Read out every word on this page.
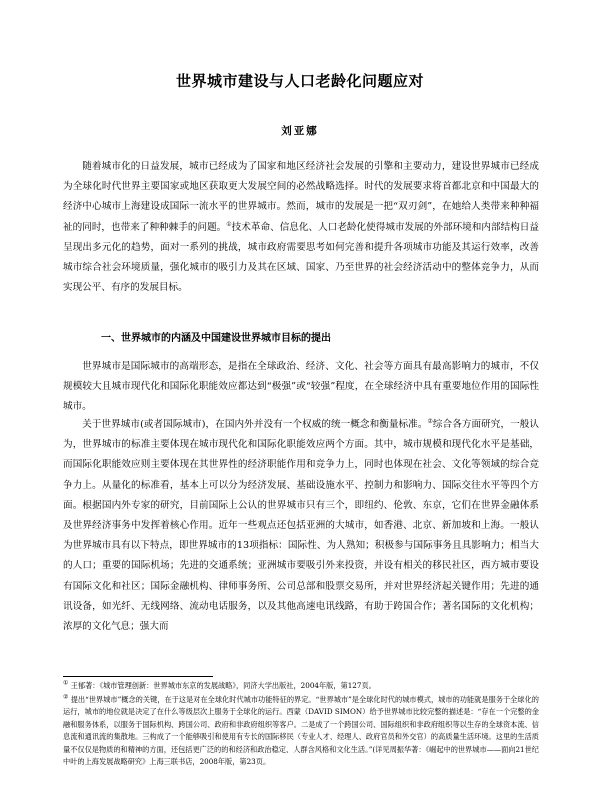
世界城市建设与人口老龄化问题应对
刘亚娜

随着城市化的日益发展，城市已经成为了国家和地区经济社会发展的引擎和主要动力，建设世界城市已经成为全球化时代世界主要国家或地区获取更大发展空间的必然战略选择。时代的发展要求将首都北京和中国最大的经济中心城市上海建设成国际一流水平的世界城市。然而，城市的发展是一把“双刃剑”，在她给人类带来种种福祉的同时，也带来了种种棘手的问题。①技术革命、信息化、人口老龄化使得城市发展的外部环境和内部结构日益呈现出多元化的趋势，面对一系列的挑战，城市政府需要思考如何完善和提升各项城市功能及其运行效率，改善城市综合社会环境质量，强化城市的吸引力及其在区域、国家、乃至世界的社会经济活动中的整体竞争力，从而实现公平、有序的发展目标。

一、世界城市的内涵及中国建设世界城市目标的提出

世界城市是国际城市的高端形态，是指在全球政治、经济、文化、社会等方面具有最高影响力的城市，不仅规模较大且城市现代化和国际化职能效应都达到“极强”或“较强”程度，在全球经济中具有重要地位作用的国际性城市。

关于世界城市(或者国际城市)，在国内外并没有一个权威的统一概念和衡量标准。②综合各方面研究，一般认为，世界城市的标准主要体现在城市现代化和国际化职能效应两个方面。其中，城市规模和现代化水平是基础，而国际化职能效应则主要体现在其世界性的经济职能作用和竞争力上，同时也体现在社会、文化等领域的综合竞争力上。从量化的标准看，基本上可以分为经济发展、基础设施水平、控制力和影响力、国际交往水平等四个方面。根据国内外专家的研究，目前国际上公认的世界城市只有三个，即纽约、伦敦、东京，它们在世界金融体系及世界经济事务中发挥着核心作用。近年一些观点还包括亚洲的大城市，如香港、北京、新加坡和上海。一般认为世界城市具有以下特点，即世界城市的13项指标：国际性、为人熟知；积极参与国际事务且具影响力；相当大的人口；重要的国际机场；先进的交通系统；亚洲城市要吸引外来投资，并设有相关的移民社区，西方城市要设有国际文化和社区；国际金融机构、律师事务所、公司总部和股票交易所，并对世界经济起关键作用；先进的通讯设备，如光纤、无线网络、流动电话服务，以及其他高速电讯线路，有助于跨国合作；著名国际的文化机构；浓厚的文化气息；强大而

① 王郁著：《城市管理创新：世界城市东京的发展战略》，同济大学出版社，2004年版，第127页。

② 提出“世界城市”概念的关键，在于这是对在全球化时代城市功能特征的界定。“世界城市”是全球化时代的城市模式，城市的功能就是服务于全球化的运行，城市的地位就是决定了在什么等级层次上服务于全球化的运行。西蒙（DAVID SIMON）给予世界城市比较完整的描述是：“存在一个完整的金融和服务体系，以服务于国际机构、跨国公司、政府和非政府组织等客户。二是成了一个跨国公司、国际组织和非政府组织等以生存的全球资本流、信息流和通讯流的集散地。三构成了一个能够吸引和使用有专长的国际移民（专业人才、经理人、政府官员和外交官）的高质量生活环境。这里的生活质量不仅仅是物质的和精神的方面，还包括更广泛的的和经济和政治稳定、人群含风格和文化生活。”(详见周振华著：《崛起中的世界城市——面向21世纪中叶的上海发展战略研究》上海三联书店，2008年版，第23页。
